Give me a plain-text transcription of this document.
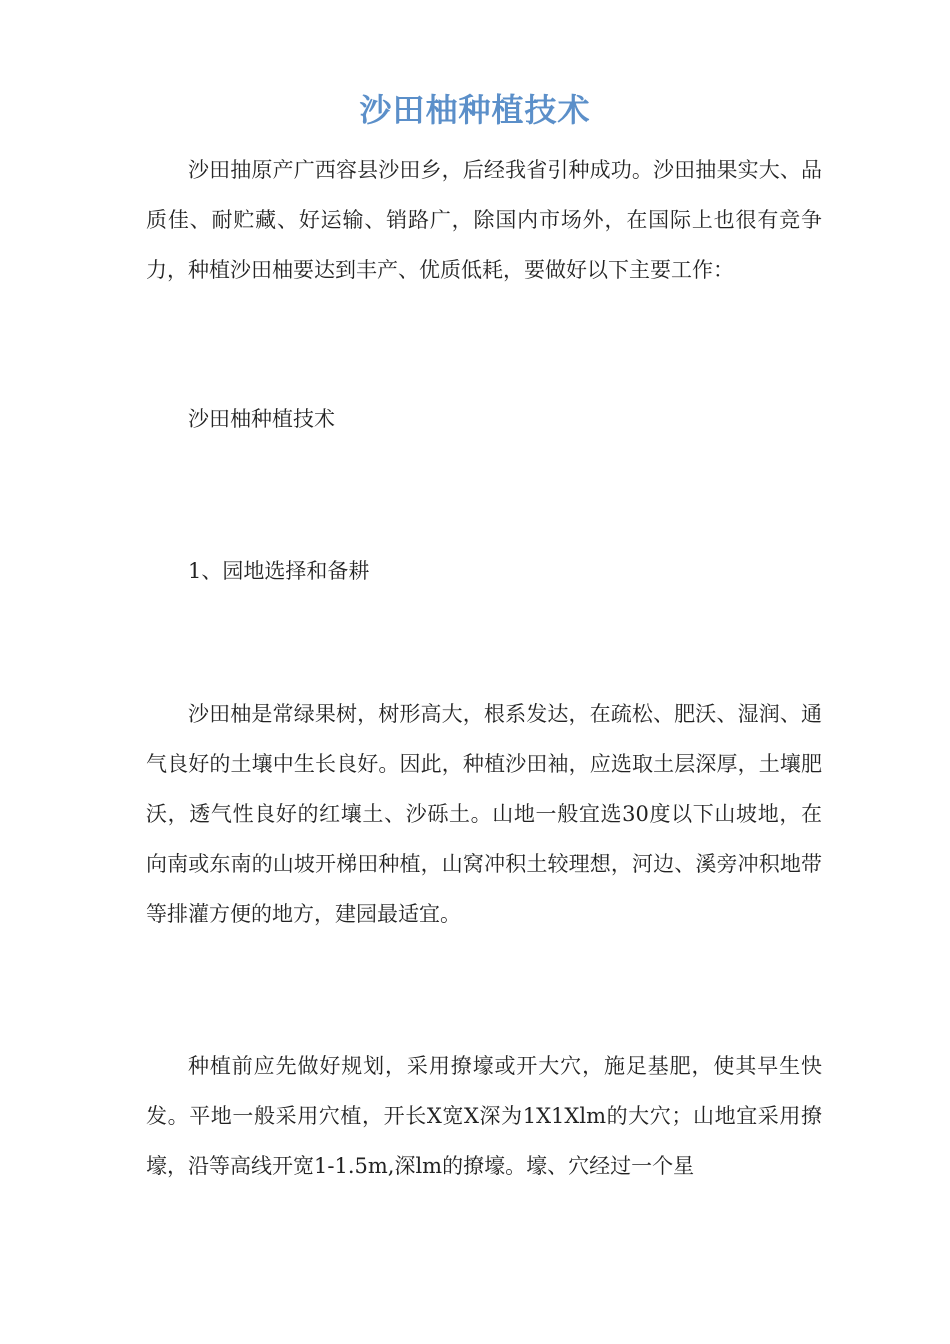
沙田柚种植技术

沙田抽原产广西容县沙田乡，后经我省引种成功。沙田抽果实大、品质佳、耐贮藏、好运输、销路广，除国内市场外，在国际上也很有竞争力，种植沙田柚要达到丰产、优质低耗，要做好以下主要工作：

沙田柚种植技术

1、园地选择和备耕

沙田柚是常绿果树，树形高大，根系发达，在疏松、肥沃、湿润、通气良好的土壤中生长良好。因此，种植沙田袖，应选取土层深厚，土壤肥沃，透气性良好的红壤土、沙砾土。山地一般宜选30度以下山坡地，在向南或东南的山坡开梯田种植，山窝冲积土较理想，河边、溪旁冲积地带等排灌方便的地方，建园最适宜。

种植前应先做好规划，采用撩壕或开大穴，施足基肥，使其早生快发。平地一般采用穴植，开长X宽X深为1X1Xlm的大穴；山地宜采用撩壕，沿等高线开宽1-1.5m,深lm的撩壕。壕、穴经过一个星
